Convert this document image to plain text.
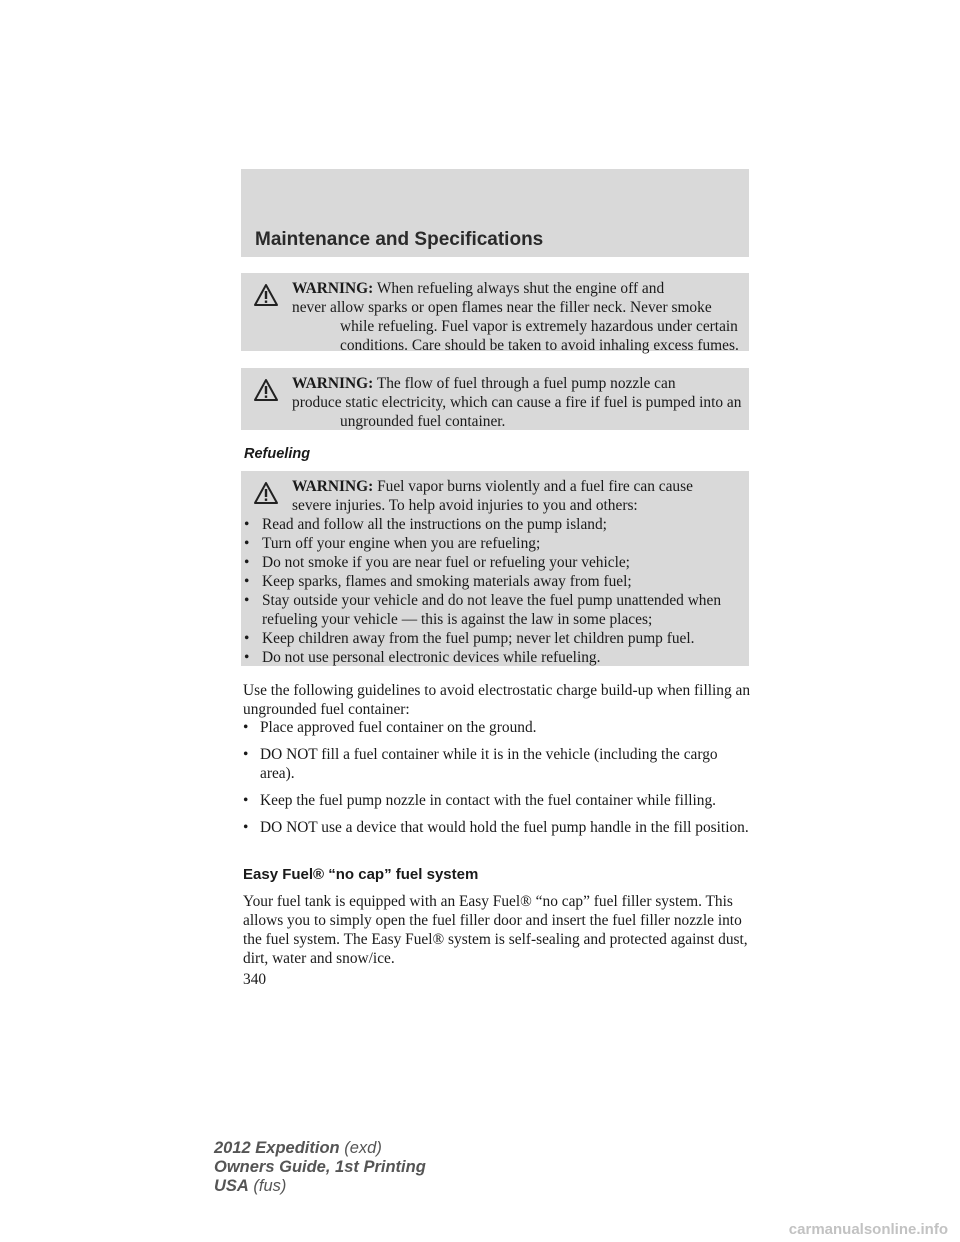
Maintenance and Specifications

WARNING: When refueling always shut the engine off and
never allow sparks or open flames near the filler neck. Never smoke while refueling. Fuel vapor is extremely hazardous under certain conditions. Care should be taken to avoid inhaling excess fumes.

WARNING: The flow of fuel through a fuel pump nozzle can
produce static electricity, which can cause a fire if fuel is pumped into an ungrounded fuel container.

Refueling

WARNING: Fuel vapor burns violently and a fuel fire can cause
severe injuries. To help avoid injuries to you and others:

• Read and follow all the instructions on the pump island;
• Turn off your engine when you are refueling;
• Do not smoke if you are near fuel or refueling your vehicle;
• Keep sparks, flames and smoking materials away from fuel;
• Stay outside your vehicle and do not leave the fuel pump unattended when refueling your vehicle — this is against the law in some places;
• Keep children away from the fuel pump; never let children pump fuel.
• Do not use personal electronic devices while refueling.

Use the following guidelines to avoid electrostatic charge build-up when filling an ungrounded fuel container:

• Place approved fuel container on the ground.
• DO NOT fill a fuel container while it is in the vehicle (including the cargo area).
• Keep the fuel pump nozzle in contact with the fuel container while filling.
• DO NOT use a device that would hold the fuel pump handle in the fill position.
Easy Fuel® “no cap” fuel system

Your fuel tank is equipped with an Easy Fuel® “no cap” fuel filler system. This allows you to simply open the fuel filler door and insert the fuel filler nozzle into the fuel system. The Easy Fuel® system is self-sealing and protected against dust, dirt, water and snow/ice.

340
2012 Expedition (exd)
Owners Guide, 1st Printing
USA (fus)
carmanualsonline.info
